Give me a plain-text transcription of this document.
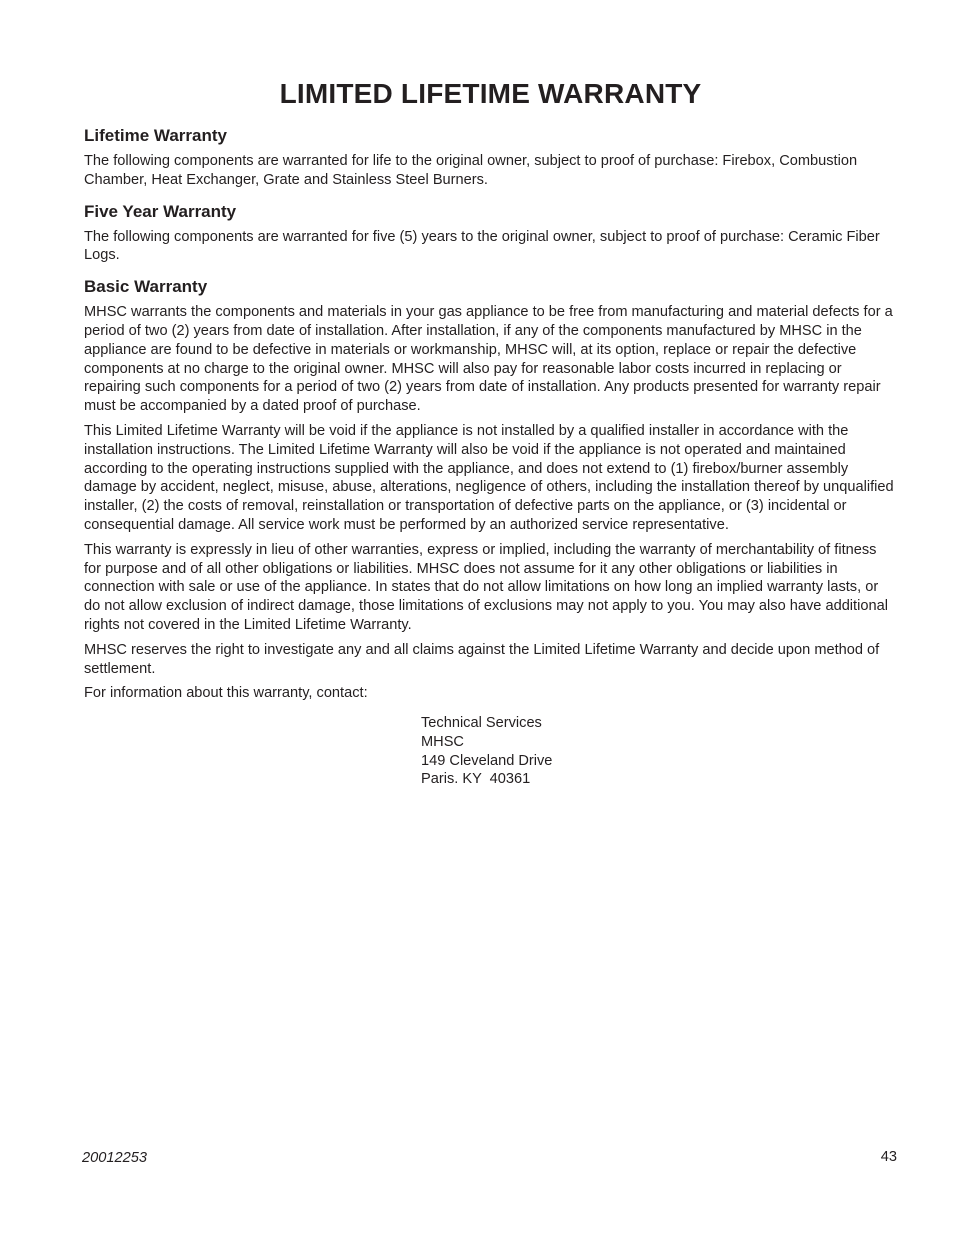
LIMITED LIFETIME WARRANTY
Lifetime Warranty

The following components are warranted for life to the original owner, subject to proof of purchase: Firebox, Combustion Chamber, Heat Exchanger, Grate and Stainless Steel Burners.

Five Year Warranty

The following components are warranted for five (5) years to the original owner, subject to proof of purchase: Ceramic Fiber Logs.

Basic Warranty

MHSC warrants the components and materials in your gas appliance to be free from manufacturing and material defects for a period of two (2) years from date of installation. After installation, if any of the components manufactured by MHSC in the appliance are found to be defective in materials or workmanship, MHSC will, at its option, replace or repair the defective components at no charge to the original owner. MHSC will also pay for reasonable labor costs incurred in replacing or repairing such components for a period of two (2) years from date of installation. Any products presented for warranty repair must be accompanied by a dated proof of purchase.

This Limited Lifetime Warranty will be void if the appliance is not installed by a qualified installer in accordance with the installation instructions. The Limited Lifetime Warranty will also be void if the appliance is not operated and maintained according to the operating instructions supplied with the appliance, and does not extend to (1) firebox/burner assembly damage by accident, neglect, misuse, abuse, alterations, negligence of others, including the installation thereof by unqualified installer, (2) the costs of removal, reinstallation or transportation of defective parts on the appliance, or (3) incidental or consequential damage. All service work must be performed by an authorized service representative.

This warranty is expressly in lieu of other warranties, express or implied, including the warranty of merchantability of fitness for purpose and of all other obligations or liabilities. MHSC does not assume for it any other obligations or liabilities in connection with sale or use of the appliance. In states that do not allow limitations on how long an implied warranty lasts, or do not allow exclusion of indirect damage, those limitations of exclusions may not apply to you. You may also have additional rights not covered in the Limited Lifetime Warranty.

MHSC reserves the right to investigate any and all claims against the Limited Lifetime Warranty and decide upon method of settlement.

For information about this warranty, contact:

Technical Services
MHSC
149 Cleveland Drive
Paris. KY  40361
20012253	43
